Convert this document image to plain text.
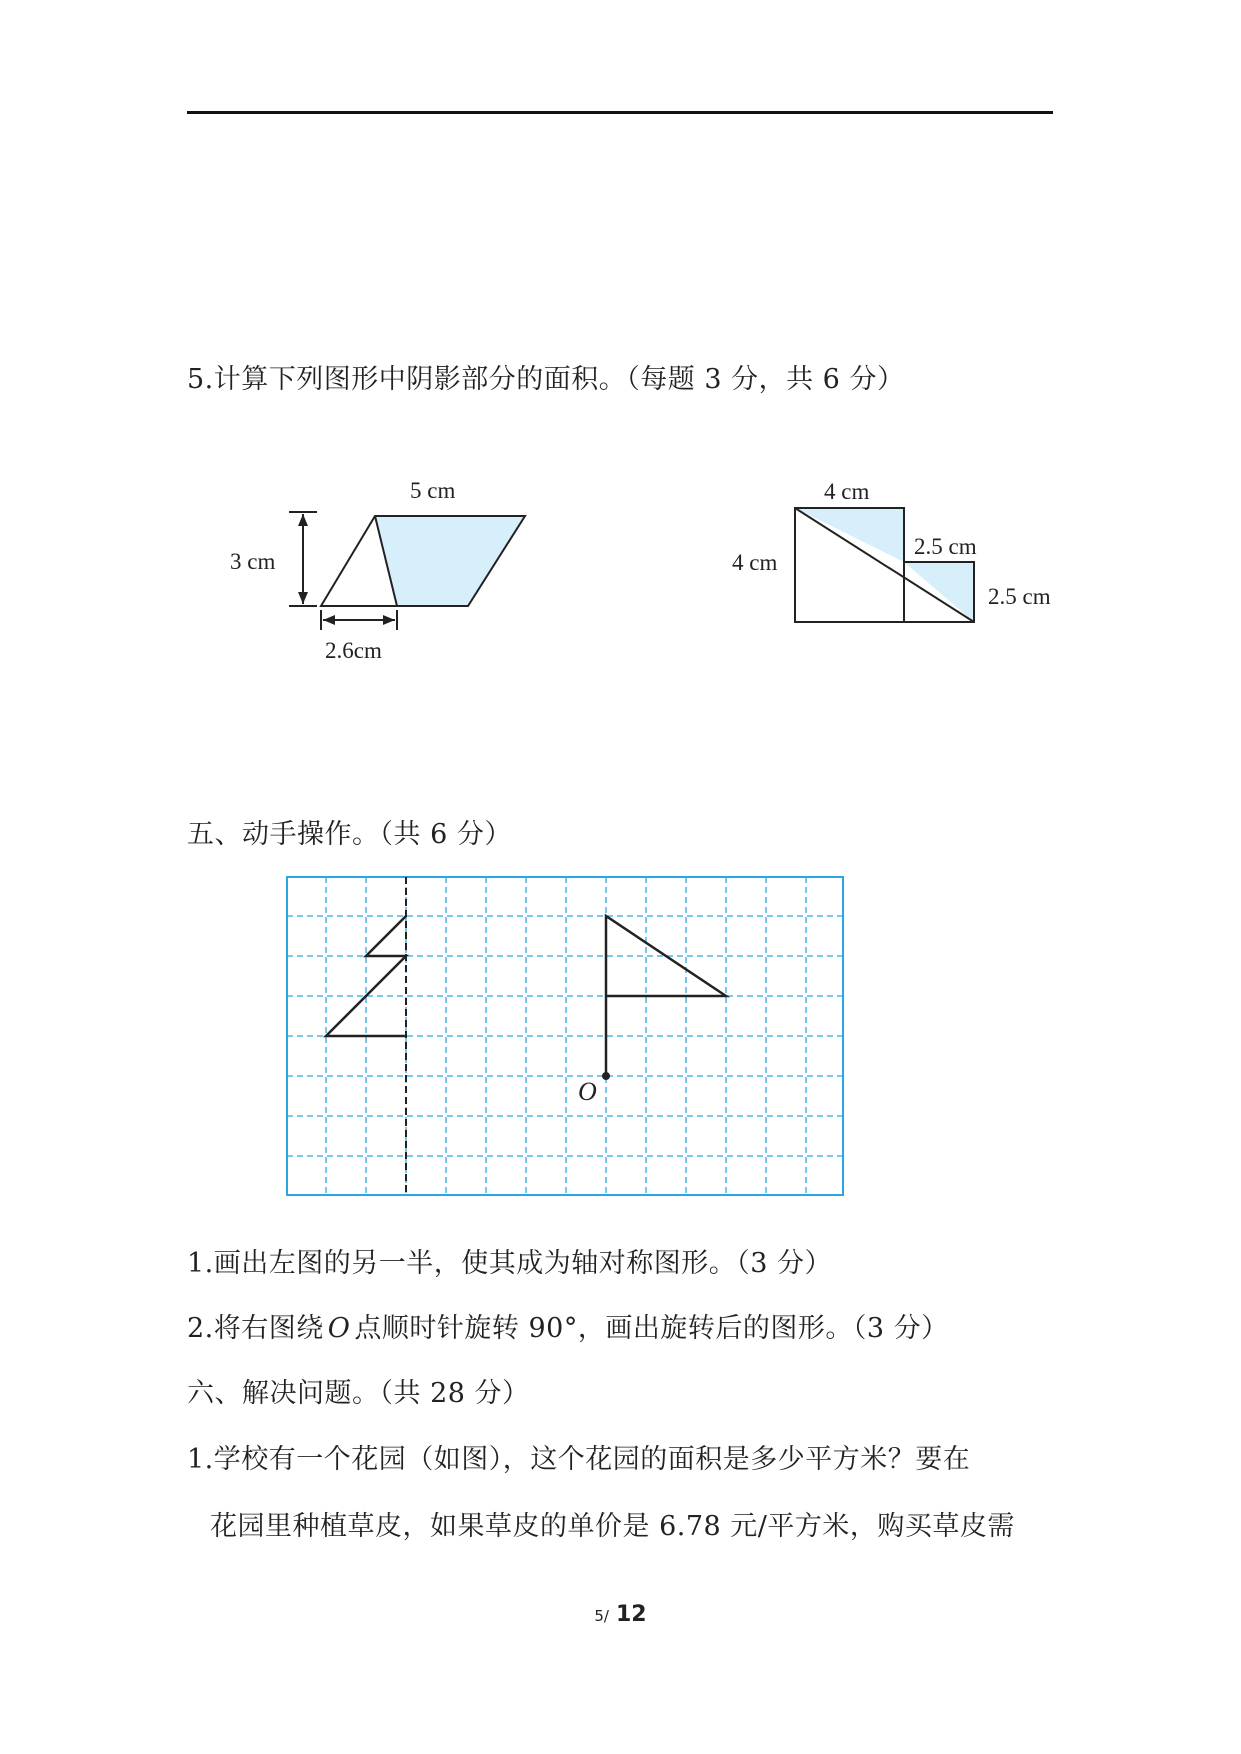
5.计算下列图形中阴影部分的面积。（每题 3 分，共 6 分）
5 cm
3 cm
2.6cm
4 cm
4 cm
2.5 cm
2.5 cm
五、动手操作。（共 6 分）
O
1.画出左图的另一半，使其成为轴对称图形。（3 分）
2.将右图绕 O 点顺时针旋转 90°，画出旋转后的图形。（3 分）
六、解决问题。（共 28 分）
1.学校有一个花园（如图），这个花园的面积是多少平方米？要在
花园里种植草皮，如果草皮的单价是 6.78 元/平方米，购买草皮需
5/ 12
